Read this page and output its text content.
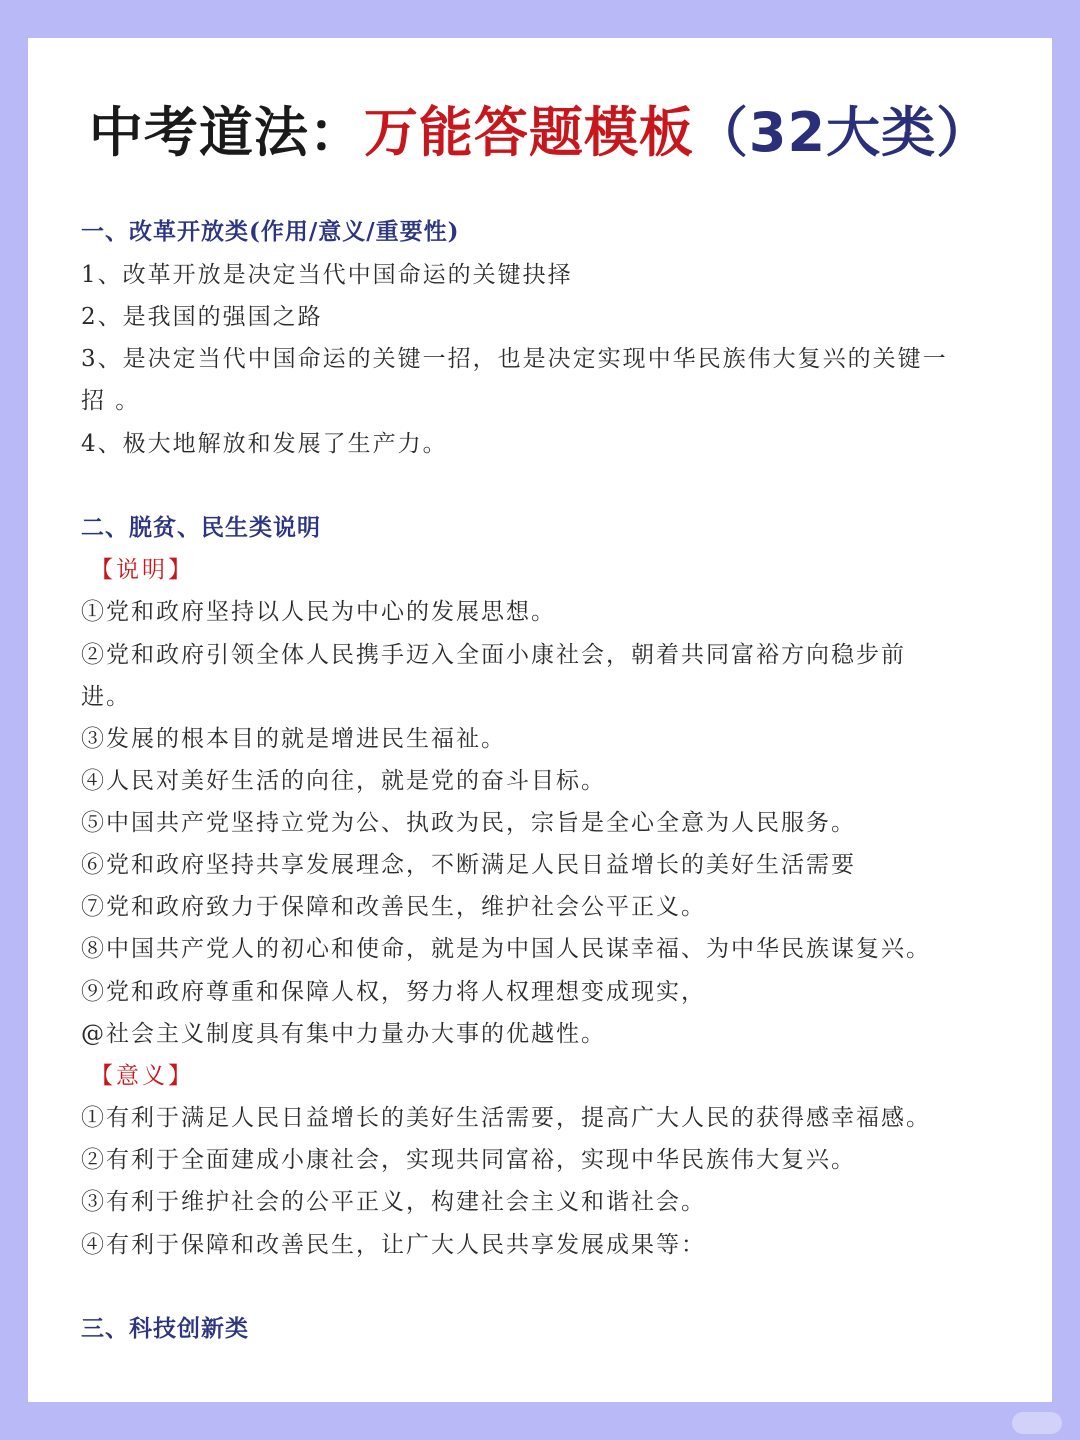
中考道法：万能答题模板（32大类）
一、改革开放类(作用/意义/重要性)
1、改革开放是决定当代中国命运的关键抉择
2、是我国的强国之路
3、是决定当代中国命运的关键一招，也是决定实现中华民族伟大复兴的关键一
招 。
4、极大地解放和发展了生产力。
二、脱贫、民生类说明
【说明】
①党和政府坚持以人民为中心的发展思想。
②党和政府引领全体人民携手迈入全面小康社会，朝着共同富裕方向稳步前
进。
③发展的根本目的就是增进民生福祉。
④人民对美好生活的向往，就是党的奋斗目标。
⑤中国共产党坚持立党为公、执政为民，宗旨是全心全意为人民服务。
⑥党和政府坚持共享发展理念，不断满足人民日益增长的美好生活需要
⑦党和政府致力于保障和改善民生，维护社会公平正义。
⑧中国共产党人的初心和使命，就是为中国人民谋幸福、为中华民族谋复兴。
⑨党和政府尊重和保障人权，努力将人权理想变成现实，
@社会主义制度具有集中力量办大事的优越性。
【意义】
①有利于满足人民日益增长的美好生活需要，提高广大人民的获得感幸福感。
②有利于全面建成小康社会，实现共同富裕，实现中华民族伟大复兴。
③有利于维护社会的公平正义，构建社会主义和谐社会。
④有利于保障和改善民生，让广大人民共享发展成果等：
三、科技创新类
